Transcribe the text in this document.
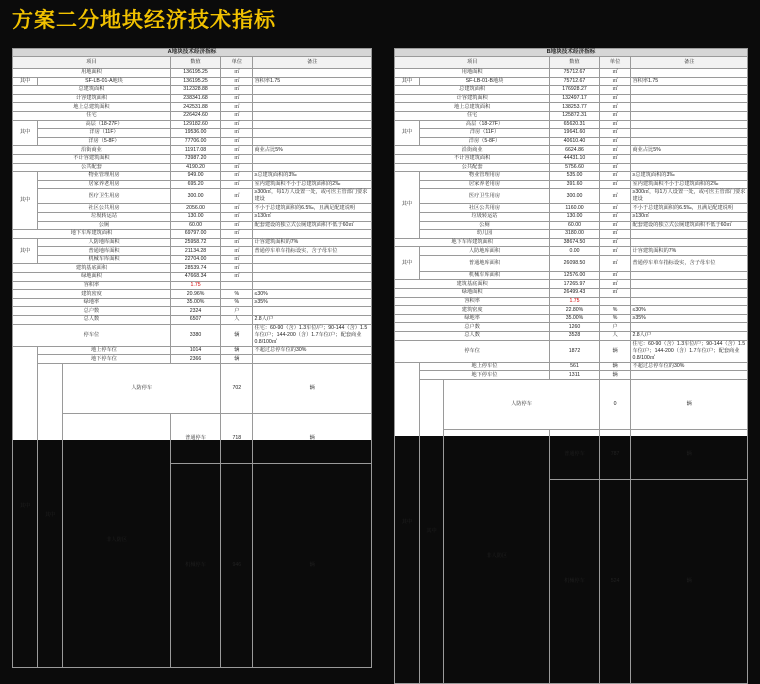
方案二分地块经济技术指标
A地块技术经济指标						
项目			数值	单位	备注	
用地面积			136195.25	㎡		
其中	SF-LB-01-A地块		136195.25	㎡	容积率1.75	
总建筑面积			312328.88	㎡		
计容建筑面积			238341.68	㎡		
地上总建筑面积			242531.88	㎡		
住宅			226424.60	㎡		
其中	高层（18-27F）		129182.60	㎡		
	洋房（11F）		19536.00	㎡		
	洋房（5-8F）		77706.00	㎡		
沿街商业			11917.08	㎡	商业占比5%	
不计容建筑面积			73987.20	㎡		
公共配套			4190.20	㎡		
其中	物业管理用房		949.00	㎡	≥总建筑面积的3‰	
	居家养老用房		695.20	㎡	室内建筑面积不小于总建筑面积的2‰	
	医疗卫生用房		300.00	㎡	≥300㎡，每1万人设置一处，或可医主管部门要求建设	
	社区公共用房		2056.00	㎡	不小于总建筑面积的6.5‰，且满足配建说明	
	垃圾转运站		130.00	㎡	≥130㎡	
	公厕		60.00	㎡	配套建设的独立式公厕建筑面积不低于60㎡	
地下车库建筑面积			69797.00	㎡		
其中	人防地库面积		25958.72	㎡	计容建筑面积的7%	
	普通地库面积		21134.28	㎡	普通停车单车指标设实，含子母车位	
	机械车库面积		22704.00	㎡		
建筑基底面积			28539.74	㎡		
绿地面积			47668.34	㎡		
容积率			1.75			
建筑密度			20.96%	%	≤30%	
绿地率			35.00%	%	≥35%	
总户数			2324	户		
总人数			6507	人	2.8人/户	
停车位			3380	辆	住宅：60-90（含）1.3车位/户；90-144（含）1.5车位/户；144-200（含）1.7车位/户；配套商业0.8/100㎡	
其中	地上停车位		1014	辆	不超过总停车位的30%	
	地下停车位		2366	辆		
	其中	人防停车		702	辆	
		非人防区	普通停车	718	辆	
			机械停车	946	辆	
B地块技术经济指标						
项目			数值	单位	备注	
用地面积			75712.67	㎡		
其中	SF-LB-01-B地块		75712.67	㎡	容积率1.75	
总建筑面积			176928.27	㎡		
计容建筑面积			132497.17	㎡		
地上总建筑面积			138253.77	㎡		
住宅			125872.31	㎡		
其中	高层（18-27F）		65620.31	㎡		
	洋房（11F）		19641.60	㎡		
	洋房（5-8F）		40610.40	㎡		
沿街商业			6624.86	㎡	商业占比5%	
不计容建筑面积			44431.10	㎡		
公共配套			5756.60	㎡		
其中	物业管理用房		535.00	㎡	≥总建筑面积的3‰	
	居家养老用房		391.60	㎡	室内建筑面积不小于总建筑面积的2‰	
	医疗卫生用房		300.00	㎡	≥300㎡，每1万人设置一处，或可医主管部门要求建设	
	社区公共用房		1160.00	㎡	不小于总建筑面积的6.5‰，且满足配建说明	
	垃圾转运站		130.00	㎡	≥130㎡	
	公厕		60.00	㎡	配套建设的独立式公厕建筑面积不低于60㎡	
	幼儿园		3180.00	㎡		
地下车库建筑面积			38674.50	㎡		
其中	人防地库面积		0.00	㎡	计容建筑面积的7%	
	普通地库面积		26098.50	㎡	普通停车单车指标设实，含子母车位	
	机械车库面积		12576.00	㎡		
建筑基底面积			17265.97	㎡		
绿地面积			26499.43	㎡		
容积率			1.75			
建筑密度			22.80%	%	≤30%	
绿地率			35.00%	%	≥35%	
总户数			1260	户		
总人数			3528	人	2.8人/户	
停车位			1872	辆	住宅：60-90（含）1.3车位/户；90-144（含）1.5车位/户；144-200（含）1.7车位/户；配套商业0.8/100㎡	
其中	地上停车位		561	辆	不超过总停车位的30%	
	地下停车位		1311	辆		
	其中	人防停车		0	辆	
		非人防区	普通停车	787	辆	
			机械停车	524	辆	
